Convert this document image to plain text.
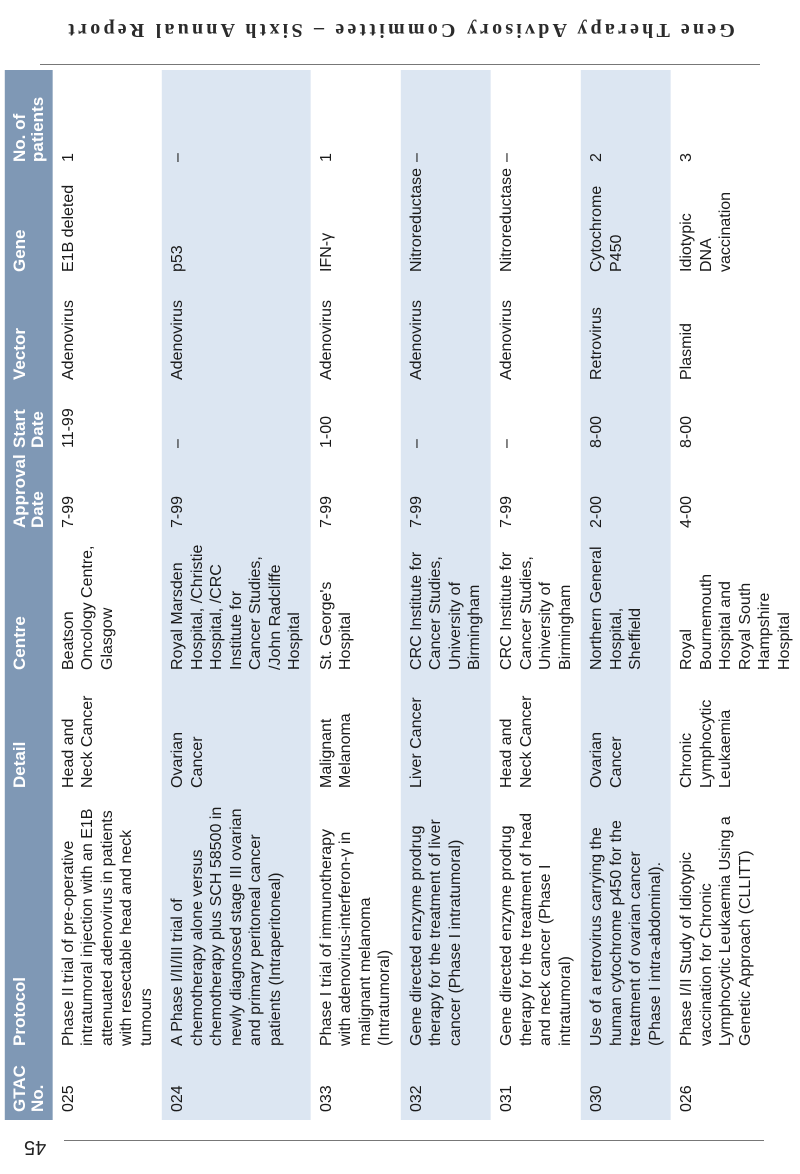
Gene Therapy Advisory Committee – Sixth Annual Report
GTAC No.	Protocol	Detail	Centre	Approval Date	Start Date	Vector	Gene	No. of patients
025	Phase II trial of pre-operative intratumoral injection with an E1B attenuated adenovirus in patients with resectable head and neck tumours	Head and Neck Cancer	Beatson Oncology Centre, Glasgow	7-99	11-99	Adenovirus	E1B deleted	1
024	A Phase I/II/III trial of chemotherapy alone versus chemotherapy plus SCH 58500 in newly diagnosed stage III ovarian and primary peritoneal cancer patients (Intraperitoneal)	Ovarian Cancer	Royal Marsden Hospital, /Christie Hospital, /CRC Institute for Cancer Studies, /John Radcliffe Hospital	7-99	–	Adenovirus	p53	–
033	Phase I trial of immunotherapy with adenovirus-interferon-γ in malignant melanoma (Intratumoral)	Malignant Melanoma	St. George's Hospital	7-99	1-00	Adenovirus	IFN-γ	1
032	Gene directed enzyme prodrug therapy for the treatment of liver cancer (Phase I intratumoral)	Liver Cancer	CRC Institute for Cancer Studies, University of Birmingham	7-99	–	Adenovirus	Nitroreductase	–
031	Gene directed enzyme prodrug therapy for the treatment of head and neck cancer (Phase I intratumoral)	Head and Neck Cancer	CRC Institute for Cancer Studies, University of Birmingham	7-99	–	Adenovirus	Nitroreductase	–
030	Use of a retrovirus carrying the human cytochrome p450 for the treatment of ovarian cancer (Phase I intra-abdominal).	Ovarian Cancer	Northern General Hospital, Sheffield	2-00	8-00	Retrovirus	Cytochrome P450	2
026	Phase I/II Study of Idiotypic vaccination for Chronic Lymphocytic Leukaemia Using a Genetic Approach (CLLITT)	Chronic Lymphocytic Leukaemia	Royal Bournemouth Hospital and Royal South Hampshire Hospital	4-00	8-00	Plasmid	Idiotypic DNA vaccination	3
45
